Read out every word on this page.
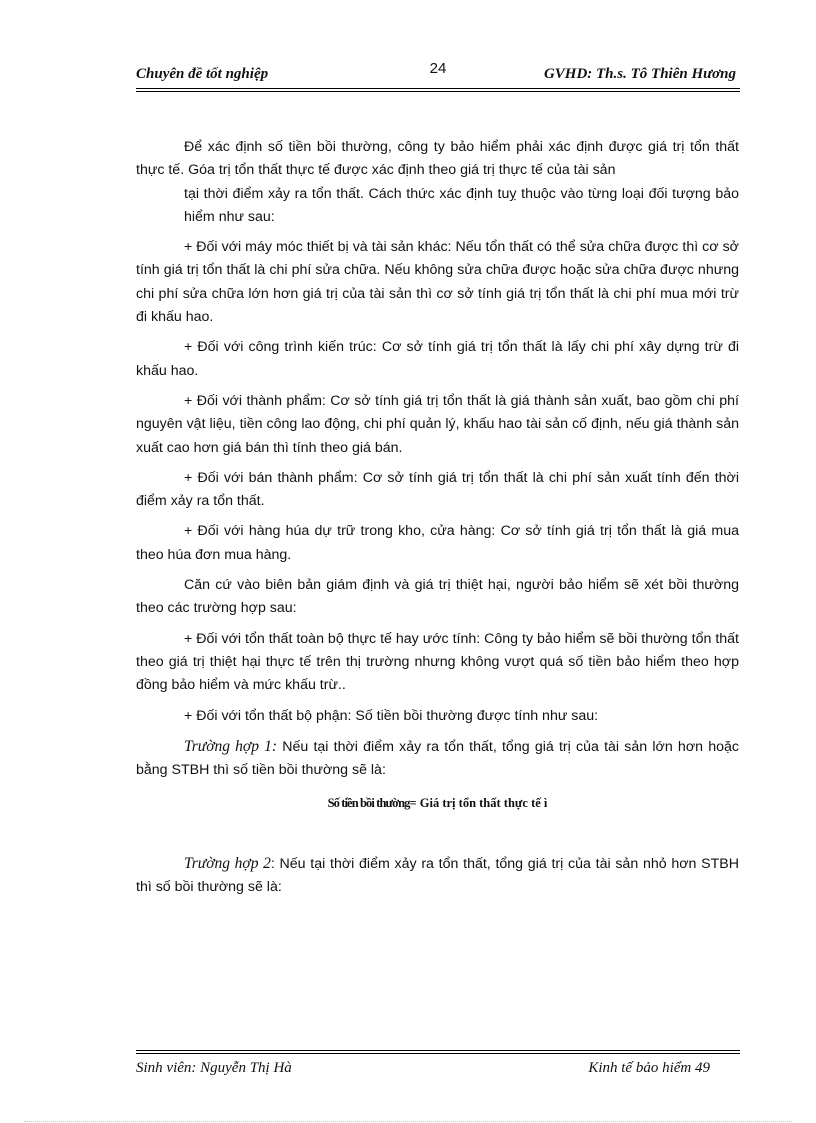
Chuyên đề tốt nghiệp	24	GVHD: Th.s. Tô Thiên Hương

Để xác định số tiền bồi thường, công ty bảo hiểm phải xác định được giá trị tổn thất thực tế. Góa trị tổn thất thực tế được xác định theo giá trị thực tế của tài sản

tại thời điểm xảy ra tổn thất. Cách thức xác định tuỵ thuộc vào từng loại đối tượng bảo hiểm như sau:

+ Đối với máy móc thiết bị và tài sản khác: Nếu tổn thất có thể sửa chữa được thì cơ sở tính giá trị tổn thất là chi phí sửa chữa. Nếu không sửa chữa được hoặc sửa chữa được nhưng chi phí sửa chữa lớn hơn giá trị của tài sản thì cơ sở tính giá trị tổn thất là chi phí mua mới trừ đi khấu hao.

+ Đối với công trình kiến trúc: Cơ sở tính giá trị tổn thất là lấy chi phí xây dựng trừ đi khấu hao.

+ Đối với thành phẩm: Cơ sở tính giá trị tổn thất là giá thành sản xuất, bao gồm chi phí nguyên vật liệu, tiền công lao động, chi phí quản lý, khấu hao tài sản cố định, nếu giá thành sản xuất cao hơn giá bán thì tính theo giá bán.

+ Đối với bán thành phẩm: Cơ sở tính giá trị tổn thất là chi phí sản xuất tính đến thời điểm xảy ra tổn thất.

+ Đối với hàng húa dự trữ trong kho, cửa hàng: Cơ sở tính giá trị tổn thất là giá mua theo húa đơn mua hàng.

Căn cứ vào biên bản giám định và giá trị thiệt hại, người bảo hiểm sẽ xét bồi thường theo các trường hợp sau:

+ Đối với tổn thất toàn bộ thực tế hay ước tính: Công ty bảo hiểm sẽ bồi thường tổn thất theo giá trị thiệt hại thực tế trên thị trường nhưng không vượt quá số tiền bảo hiểm theo hợp đồng bảo hiểm và mức khấu trừ..

+ Đối với tổn thất bộ phận: Số tiền bồi thường được tính như sau:

Trường hợp 1: Nếu tại thời điểm xảy ra tổn thất, tổng giá trị của tài sản lớn hơn hoặc bằng STBH thì số tiền bồi thường sẽ là:

Số tiền bồi thường= Giá trị tổn thất thực tế ì

Trường hợp 2: Nếu tại thời điểm xảy ra tổn thất, tổng giá trị của tài sản nhỏ hơn STBH thì số bồi thường sẽ là:

Sinh viên: Nguyễn Thị Hà	Kinh tế bảo hiểm 49
